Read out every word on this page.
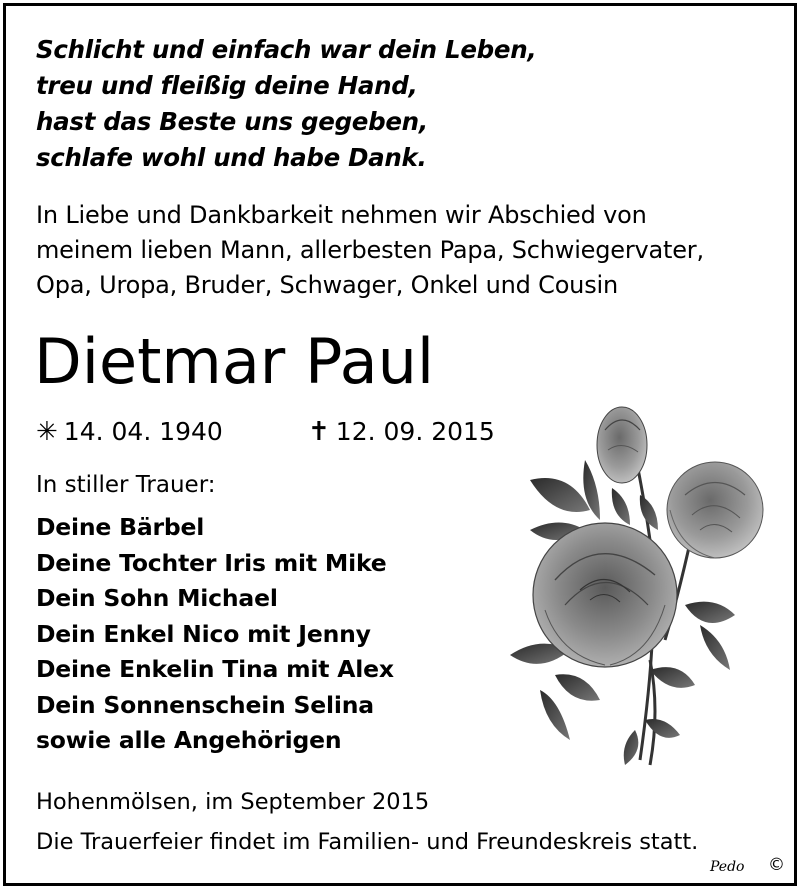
Schlicht und einfach war dein Leben,
treu und fleißig deine Hand,
hast das Beste uns gegeben,
schlafe wohl und habe Dank.
In Liebe und Dankbarkeit nehmen wir Abschied von
meinem lieben Mann, allerbesten Papa, Schwiegervater,
Opa, Uropa, Bruder, Schwager, Onkel und Cousin
Dietmar Paul
✳ 14. 04. 1940	✝ 12. 09. 2015
In stiller Trauer:
Deine Bärbel
Deine Tochter Iris mit Mike
Dein Sohn Michael
Dein Enkel Nico mit Jenny
Deine Enkelin Tina mit Alex
Dein Sonnenschein Selina
sowie alle Angehörigen
Hohenmölsen, im September 2015
Die Trauerfeier findet im Familien- und Freundeskreis statt.
Pedo ©
